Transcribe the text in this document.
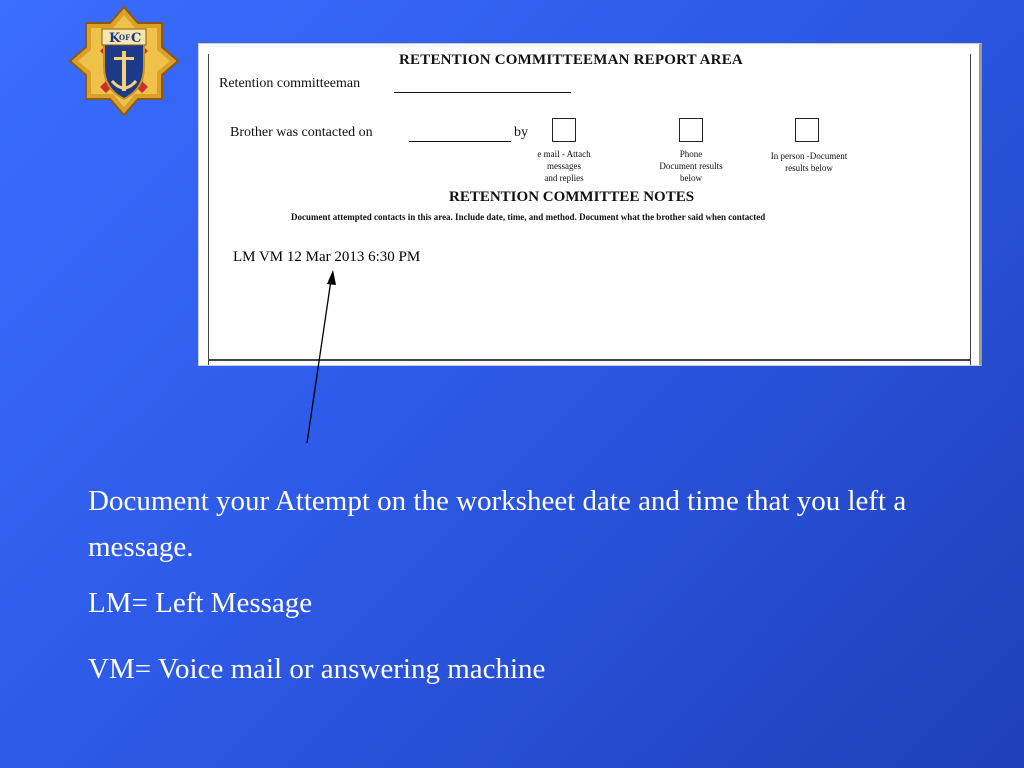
K
OF C
RETENTION COMMITTEEMAN REPORT AREA
Retention committeeman
Brother was contacted on	by
e mail - Attach
messages
and replies
Phone
Document results
below
In person -Document
results below
RETENTION COMMITTEE NOTES
Document attempted contacts in this area. Include date, time, and method. Document what the brother said when contacted
LM VM 12 Mar 2013 6:30 PM

Document your Attempt on the worksheet date and time that you left a message.

LM= Left Message

VM= Voice mail or answering machine
